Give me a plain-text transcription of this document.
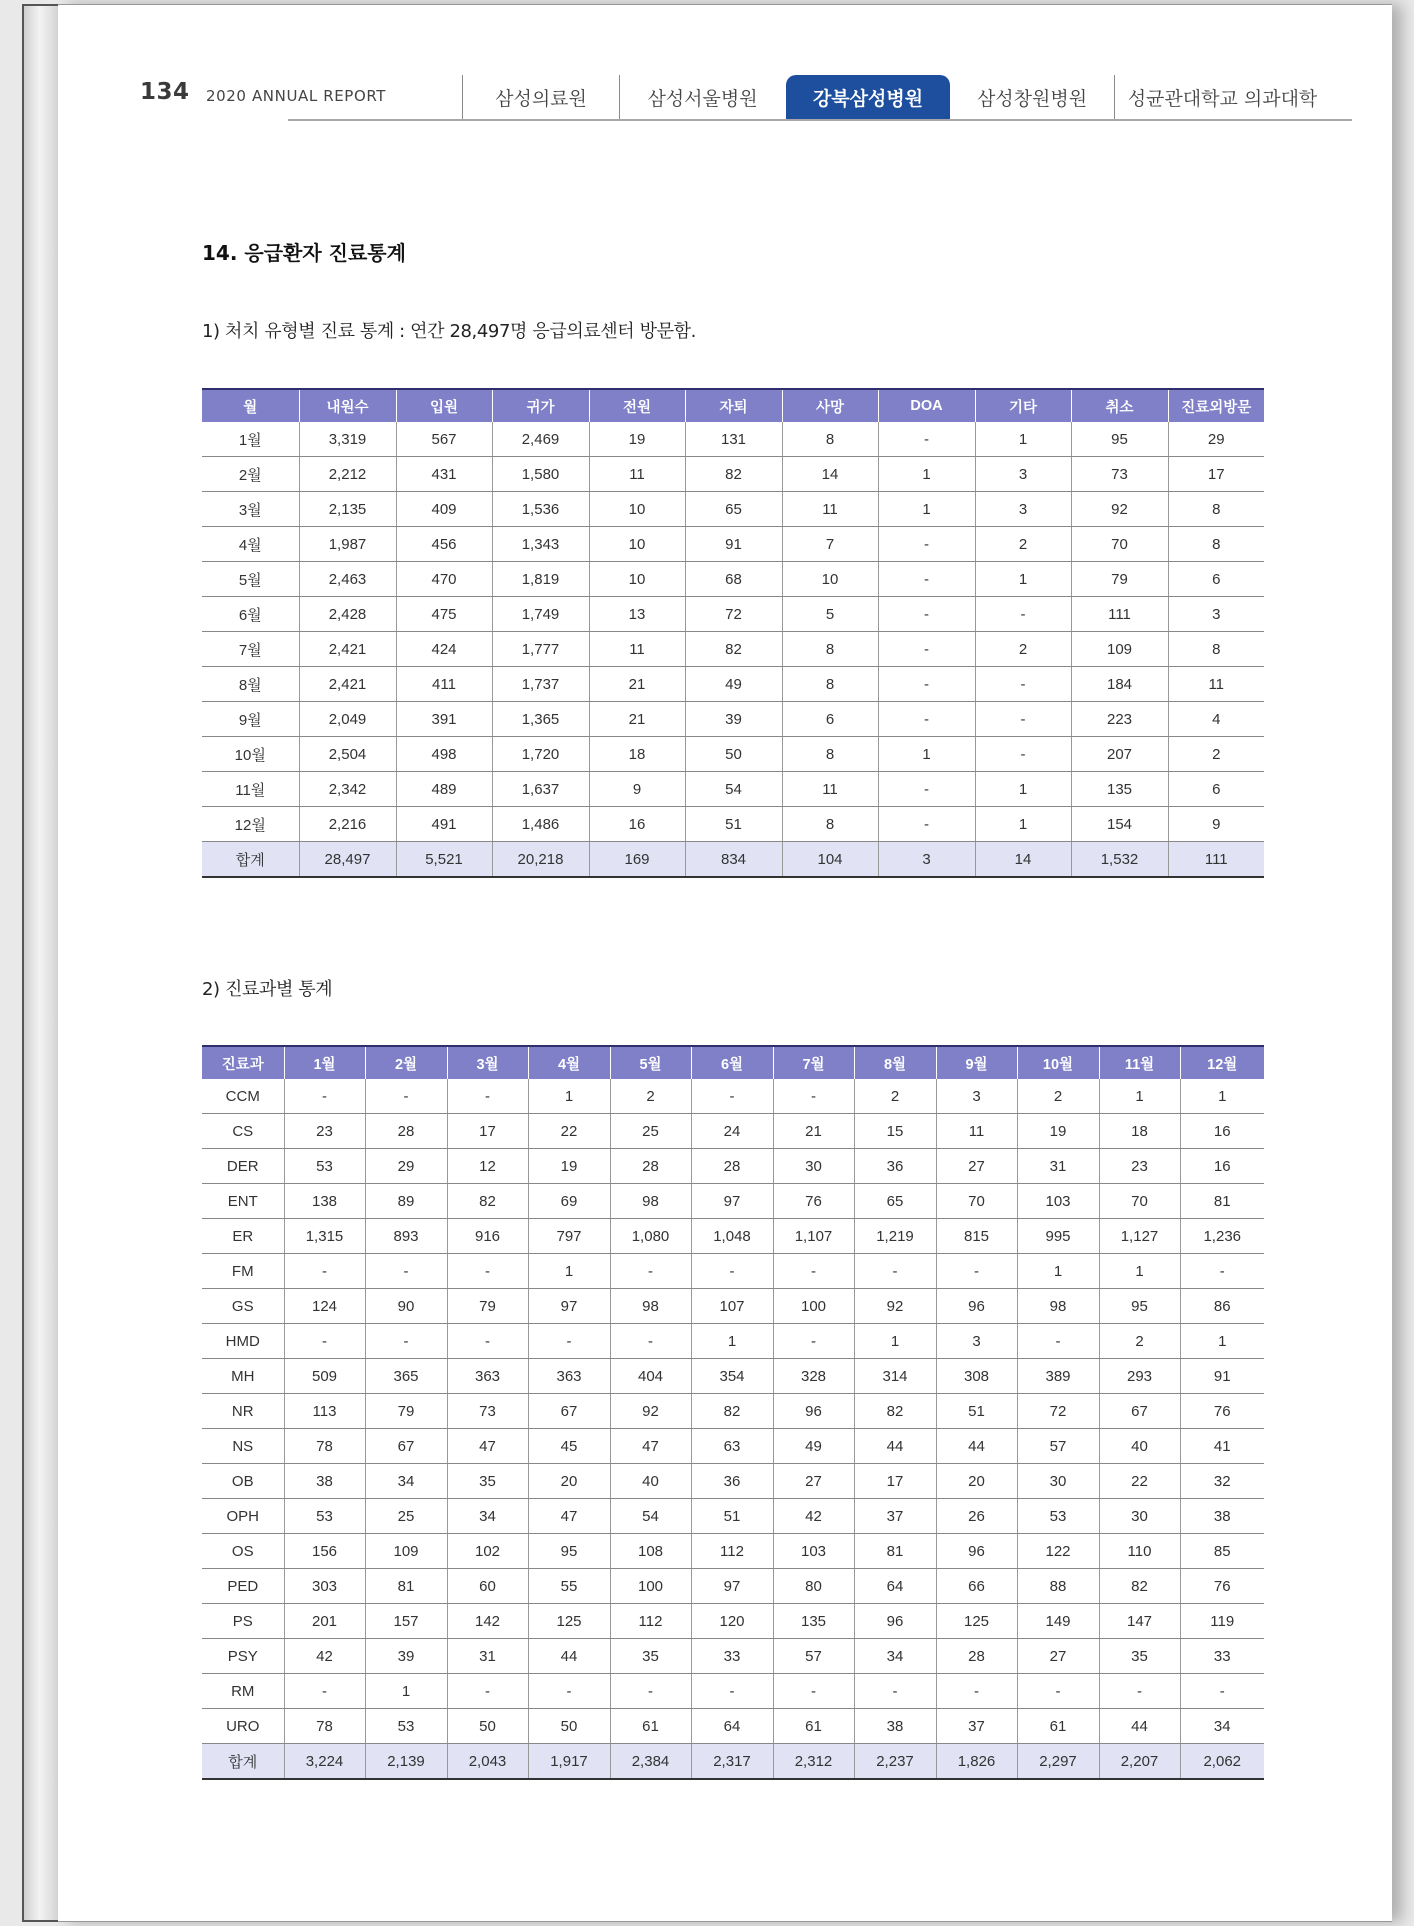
134 2020 ANNUAL REPORT	삼성의료원	삼성서울병원	강북삼성병원	삼성창원병원 성균관대학교 의과대학
14. 응급환자 진료통계
1) 처치 유형별 진료 통계 : 연간 28,497명 응급의료센터 방문함.
월	내원수	입원	귀가	전원	자퇴	사망	DOA	기타	취소	진료외방문
1월	3,319	567	2,469	19	131	8	-	1	95	29
2월	2,212	431	1,580	11	82	14	1	3	73	17
3월	2,135	409	1,536	10	65	11	1	3	92	8
4월	1,987	456	1,343	10	91	7	-	2	70	8
5월	2,463	470	1,819	10	68	10	-	1	79	6
6월	2,428	475	1,749	13	72	5	-	-	111	3
7월	2,421	424	1,777	11	82	8	-	2	109	8
8월	2,421	411	1,737	21	49	8	-	-	184	11
9월	2,049	391	1,365	21	39	6	-	-	223	4
10월	2,504	498	1,720	18	50	8	1	-	207	2
11월	2,342	489	1,637	9	54	11	-	1	135	6
12월	2,216	491	1,486	16	51	8	-	1	154	9
합계	28,497	5,521	20,218	169	834	104	3	14	1,532	111
2) 진료과별 통계
진료과	1월	2월	3월	4월	5월	6월	7월	8월	9월	10월	11월	12월
CCM	-	-	-	1	2	-	-	2	3	2	1	1
CS	23	28	17	22	25	24	21	15	11	19	18	16
DER	53	29	12	19	28	28	30	36	27	31	23	16
ENT	138	89	82	69	98	97	76	65	70	103	70	81
ER	1,315	893	916	797	1,080	1,048	1,107	1,219	815	995	1,127	1,236
FM	-	-	-	1	-	-	-	-	-	1	1	-
GS	124	90	79	97	98	107	100	92	96	98	95	86
HMD	-	-	-	-	-	1	-	1	3	-	2	1
MH	509	365	363	363	404	354	328	314	308	389	293	91
NR	113	79	73	67	92	82	96	82	51	72	67	76
NS	78	67	47	45	47	63	49	44	44	57	40	41
OB	38	34	35	20	40	36	27	17	20	30	22	32
OPH	53	25	34	47	54	51	42	37	26	53	30	38
OS	156	109	102	95	108	112	103	81	96	122	110	85
PED	303	81	60	55	100	97	80	64	66	88	82	76
PS	201	157	142	125	112	120	135	96	125	149	147	119
PSY	42	39	31	44	35	33	57	34	28	27	35	33
RM	-	1	-	-	-	-	-	-	-	-	-	-
URO	78	53	50	50	61	64	61	38	37	61	44	34
합계	3,224	2,139	2,043	1,917	2,384	2,317	2,312	2,237	1,826	2,297	2,207	2,062
